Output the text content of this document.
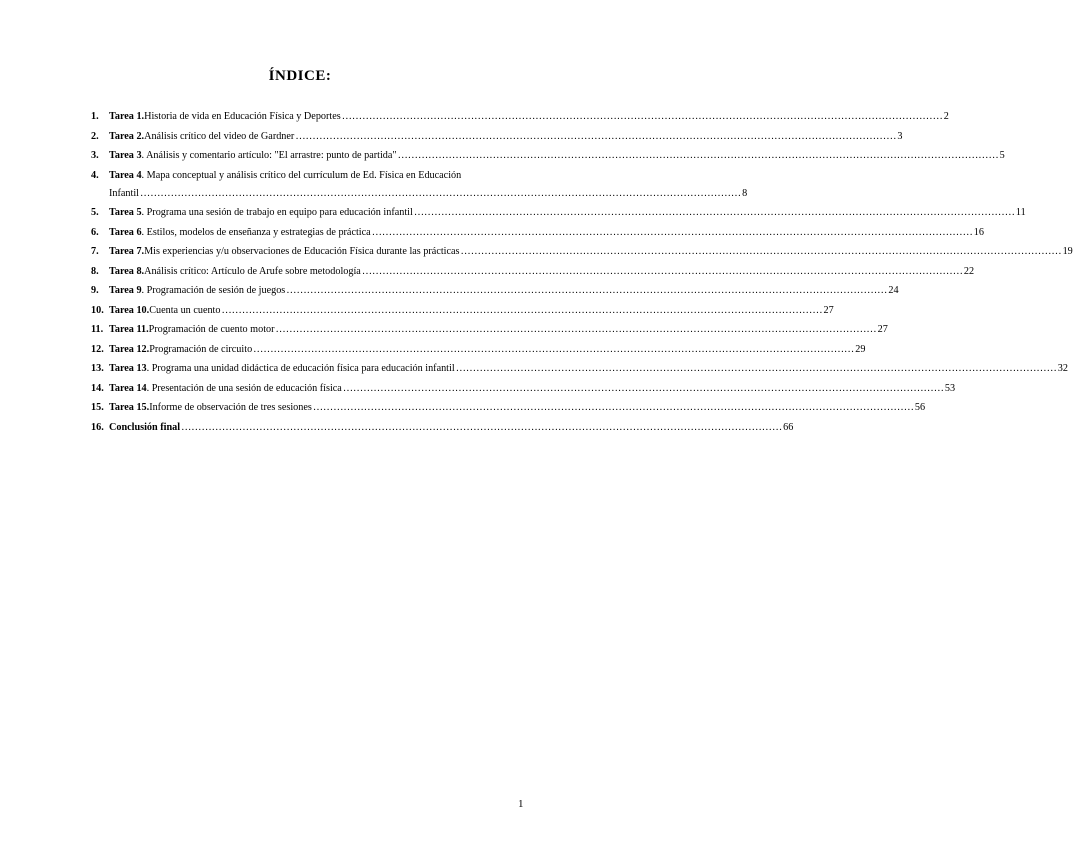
ÍNDICE:
1.	Tarea 1. Historia de vida en Educación Física y Deportes …………………………………………………………………………………………………………………………………………………………… 2
2.	Tarea 2. Análisis crítico del video de Gardner …………………………………………………………………………………………………………………………………………………………… 3
3.	Tarea 3 . Análisis y comentario artículo: "El arrastre: punto de partida" …………………………………………………………………………………………………………………………………………………………… 5
4.	Tarea 4. Mapa conceptual y análisis crítico del currículum de Ed. Física en Educación
Infantil …………………………………………………………………………………………………………………………………………………………… 8
5.	Tarea 5 . Programa una sesión de trabajo en equipo para educación infantil …………………………………………………………………………………………………………………………………………………………… 11
6.	Tarea 6 . Estilos, modelos de enseñanza y estrategias de práctica …………………………………………………………………………………………………………………………………………………………… 16
7.	Tarea 7. Mis experiencias y/u observaciones de Educación Física durante las prácticas …………………………………………………………………………………………………………………………………………………………… 19
8.	Tarea 8. Análisis crítico: Artículo de Arufe sobre metodología …………………………………………………………………………………………………………………………………………………………… 22
9.	Tarea 9 . Programación de sesión de juegos …………………………………………………………………………………………………………………………………………………………… 24
10. Tarea 10. Cuenta un cuento …………………………………………………………………………………………………………………………………………………………… 27
11. Tarea 11. Programación de cuento motor …………………………………………………………………………………………………………………………………………………………… 27
12. Tarea 12. Programación de circuito …………………………………………………………………………………………………………………………………………………………… 29
13. Tarea 13 . Programa una unidad didáctica de educación física para educación infantil …………………………………………………………………………………………………………………………………………………………… 32
14. Tarea 14 . Presentación de una sesión de educación física …………………………………………………………………………………………………………………………………………………………… 53
15. Tarea 15. Informe de observación de tres sesiones …………………………………………………………………………………………………………………………………………………………… 56
16. Conclusión final …………………………………………………………………………………………………………………………………………………………… 66
1
